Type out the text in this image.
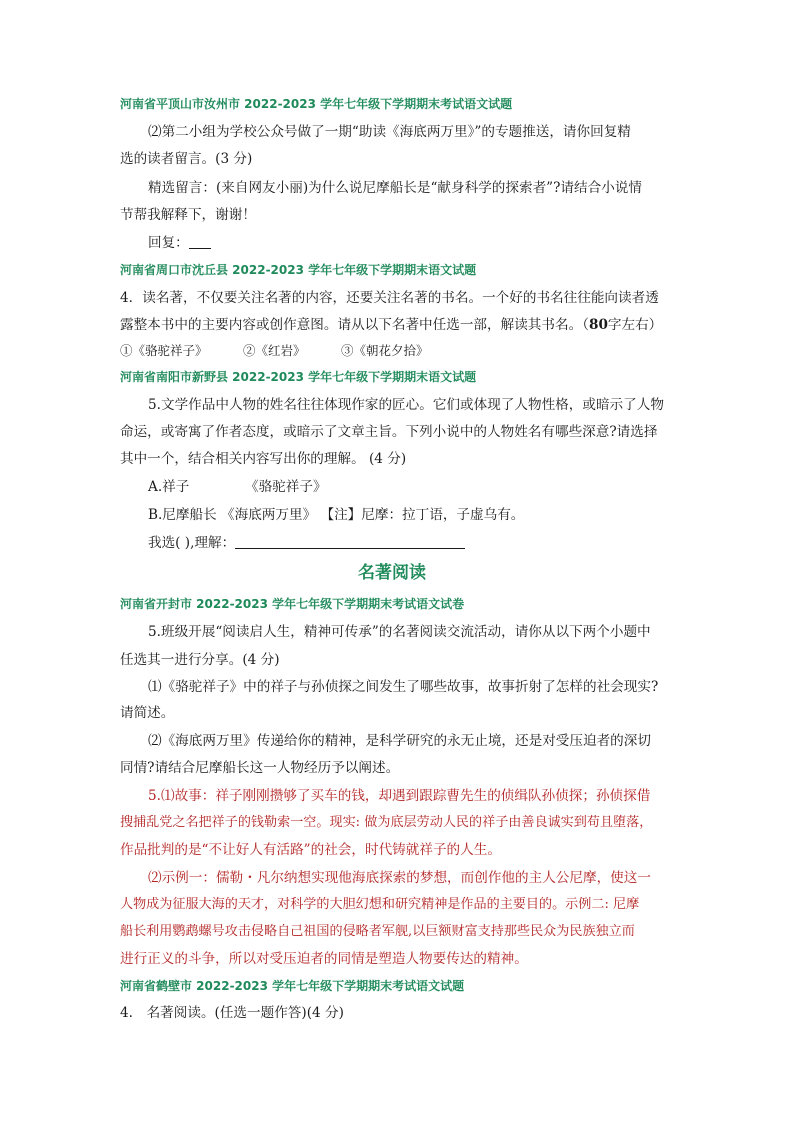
河南省平顶山市汝州市 2022-2023 学年七年级下学期期末考试语文试题
⑵第二小组为学校公众号做了一期“助读《海底两万里》”的专题推送，请你回复精
选的读者留言。(3 分)
精选留言：(来自网友小丽)为什么说尼摩船长是“献身科学的探索者”?请结合小说情
节帮我解释下，谢谢！
回复：
河南省周口市沈丘县 2022-2023 学年七年级下学期期末语文试题
4．读名著，不仅要关注名著的内容，还要关注名著的书名。一个好的书名往往能向读者透
露整本书中的主要内容或创作意图。请从以下名著中任选一部，解读其书名。（80字左右）
①《骆驼祥子》	②《红岩》	③《朝花夕拾》
河南省南阳市新野县 2022-2023 学年七年级下学期期末语文试题
5.文学作品中人物的姓名往往体现作家的匠心。它们或体现了人物性格，或暗示了人物
命运，或寄寓了作者态度，或暗示了文章主旨。下列小说中的人物姓名有哪些深意?请选择
其中一个，结合相关内容写出你的理解。 (4 分)
A.祥子	《骆驼祥子》
B.尼摩船长 《海底两万里》 【注】尼摩：拉丁语，子虚乌有。
我选( ),理解：
名著阅读
河南省开封市 2022-2023 学年七年级下学期期末考试语文试卷
5.班级开展“阅读启人生，精神可传承”的名著阅读交流活动，请你从以下两个小题中
任选其一进行分享。(4 分)
⑴《骆驼祥子》中的祥子与孙侦探之间发生了哪些故事，故事折射了怎样的社会现实?
请简述。
⑵《海底两万里》传递给你的精神，是科学研究的永无止境，还是对受压迫者的深切
同情?请结合尼摩船长这一人物经历予以阐述。
5.⑴故事：祥子刚刚攒够了买车的钱，却遇到跟踪曹先生的侦缉队孙侦探；孙侦探借
搜捕乱党之名把祥子的钱勒索一空。现实: 做为底层劳动人民的祥子由善良诚实到苟且堕落，
作品批判的是“不让好人有活路”的社会，时代铸就祥子的人生。
⑵示例一：儒勒・凡尔纳想实现他海底探索的梦想，而创作他的主人公尼摩，使这一
人物成为征服大海的天才，对科学的大胆幻想和研究精神是作品的主要目的。示例二: 尼摩
船长利用鹦鹉螺号攻击侵略自己祖国的侵略者军舰,以巨额财富支持那些民众为民族独立而
进行正义的斗争，所以对受压迫者的同情是塑造人物要传达的精神。
河南省鹤壁市 2022-2023 学年七年级下学期期末考试语文试题
4.　名著阅读。(任选一题作答)(4 分)
